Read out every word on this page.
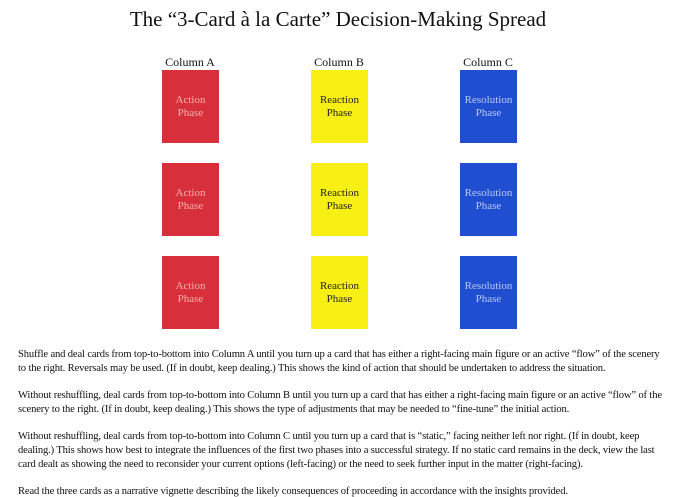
The “3-Card à la Carte” Decision-Making Spread
Column A	Column B	Column C
Action Phase
Action Phase
Action Phase
Reaction Phase
Reaction Phase
Reaction Phase
Resolution Phase
Resolution Phase
Resolution Phase
Shuffle and deal cards from top-to-bottom into Column A until you turn up a card that has either a right-facing main figure or an active “flow” of the scenery to the right. Reversals may be used. (If in doubt, keep dealing.) This shows the kind of action that should be undertaken to address the situation.
Without reshuffling, deal cards from top-to-bottom into Column B until you turn up a card that has either a right-facing main figure or an active “flow” of the scenery to the right. (If in doubt, keep dealing.) This shows the type of adjustments that may be needed to “fine-tune” the initial action.
Without reshuffling, deal cards from top-to-bottom into Column C until you turn up a card that is “static,” facing neither left nor right. (If in doubt, keep dealing.) This shows how best to integrate the influences of the first two phases into a successful strategy. If no static card remains in the deck, view the last card dealt as showing the need to reconsider your current options (left-facing) or the need to seek further input in the matter (right-facing).
Read the three cards as a narrative vignette describing the likely consequences of proceeding in accordance with the insights provided.
